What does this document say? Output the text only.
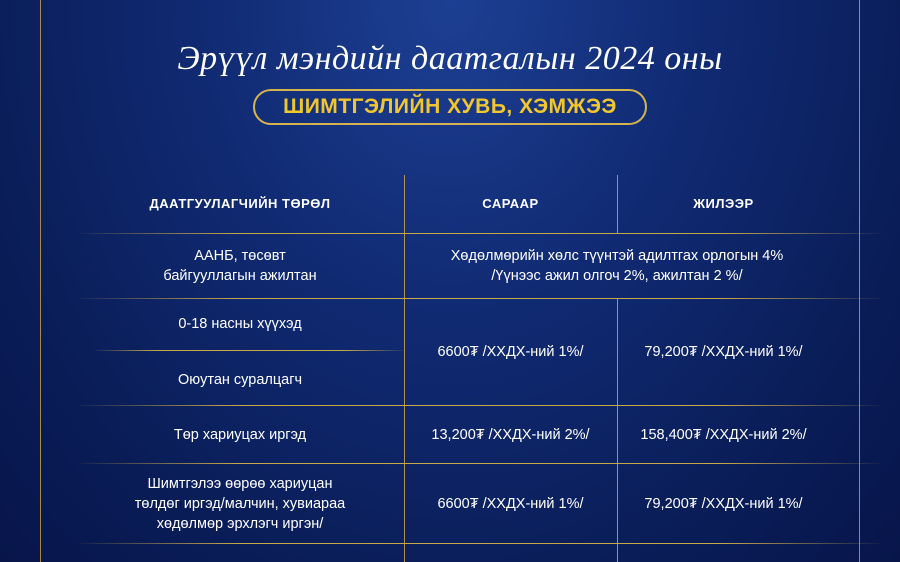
Эрүүл мэндийн даатгалын 2024 оны
ШИМТГЭЛИЙН ХУВЬ, ХЭМЖЭЭ
ДААТГУУЛАГЧИЙН ТӨРӨЛ	САРААР	ЖИЛЭЭР
ААНБ, төсөвт
байгууллагын ажилтан
Хөдөлмөрийн хөлс түүнтэй адилтгах орлогын 4%
/Үүнээс ажил олгоч 2%, ажилтан 2 %/
0-18 насны хүүхэд
Оюутан суралцагч
6600₮ /ХХДХ-ний 1%/	79,200₮ /ХХДХ-ний 1%/
Төр хариуцах иргэд	13,200₮ /ХХДХ-ний 2%/	158,400₮ /ХХДХ-ний 2%/
Шимтгэлээ өөрөө хариуцан
төлдөг иргэд/малчин, хувиараа
хөдөлмөр эрхлэгч иргэн/
6600₮ /ХХДХ-ний 1%/	79,200₮ /ХХДХ-ний 1%/
